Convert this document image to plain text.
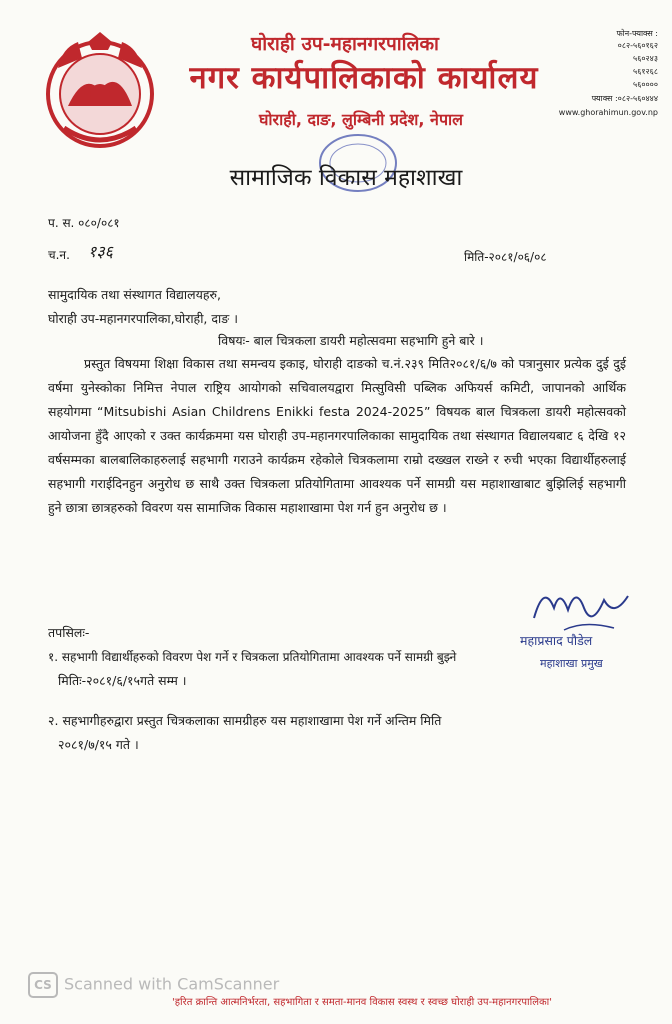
घोराही उप-महानगरपालिका
नगर कार्यपालिकाको कार्यालय
घोराही, दाङ, लुम्बिनी प्रदेश, नेपाल
फोन-फ्याक्स :
०८२-५६०१६२
५६०२४३
५६१२६८
५६००००
फ्याक्स :०८२-५६०४४४
www.ghorahimun.gov.np
सामाजिक विकास महाशाखा
प. स. ०८०/०८१
च.न. १३६	मिति-२०८१/०६/०८
सामुदायिक तथा संस्थागत विद्यालयहरु,
घोराही उप-महानगरपालिका,घोराही, दाङ ।
विषयः- बाल चित्रकला डायरी महोत्सवमा सहभागि हुने बारे ।
प्रस्तुत विषयमा शिक्षा विकास तथा समन्वय इकाइ, घोराही दाङको च.नं.२३९ मिति२०८१/६/७ को पत्रानुसार प्रत्येक दुई दुई वर्षमा युनेस्कोका निमित्त नेपाल राष्ट्रिय आयोगको सचिवालयद्वारा मित्सुविसी पब्लिक अफियर्स कमिटी, जापानको आर्थिक सहयोगमा “Mitsubishi Asian Childrens Enikki festa 2024-2025” विषयक बाल चित्रकला डायरी महोत्सवको आयोजना हुँदै आएको र उक्त कार्यक्रममा यस घोराही उप-महानगरपालिकाका सामुदायिक तथा संस्थागत विद्यालयबाट ६ देखि १२ वर्षसम्मका बालबालिकाहरुलाई सहभागी गराउने कार्यक्रम रहेकोले चित्रकलामा राम्रो दख्खल राख्ने र रुची भएका विद्यार्थीहरुलाई सहभागी गराईदिनहुन अनुरोध छ साथै उक्त चित्रकला प्रतियोगितामा आवश्यक पर्ने सामग्री यस महाशाखाबाट बुझिलिई सहभागी हुने छात्रा छात्रहरुको विवरण यस सामाजिक विकास महाशाखामा पेश गर्न हुन अनुरोध छ ।
तपसिलः-
१. सहभागी विद्यार्थीहरुको विवरण पेश गर्ने र चित्रकला प्रतियोगितामा आवश्यक पर्ने सामग्री बुझ्ने
मितिः-२०८१/६/१५गते सम्म ।
२. सहभागीहरुद्वारा प्रस्तुत चित्रकलाका सामग्रीहरु यस महाशाखामा पेश गर्ने अन्तिम मिति
२०८१/७/१५ गते ।
महाप्रसाद पौडेल
महाशाखा प्रमुख
CS Scanned with CamScanner
'हरित क्रान्ति आत्मनिर्भरता, सहभागिता र समता-मानव विकास स्वस्थ र स्वच्छ घोराही उप-महानगरपालिका'
